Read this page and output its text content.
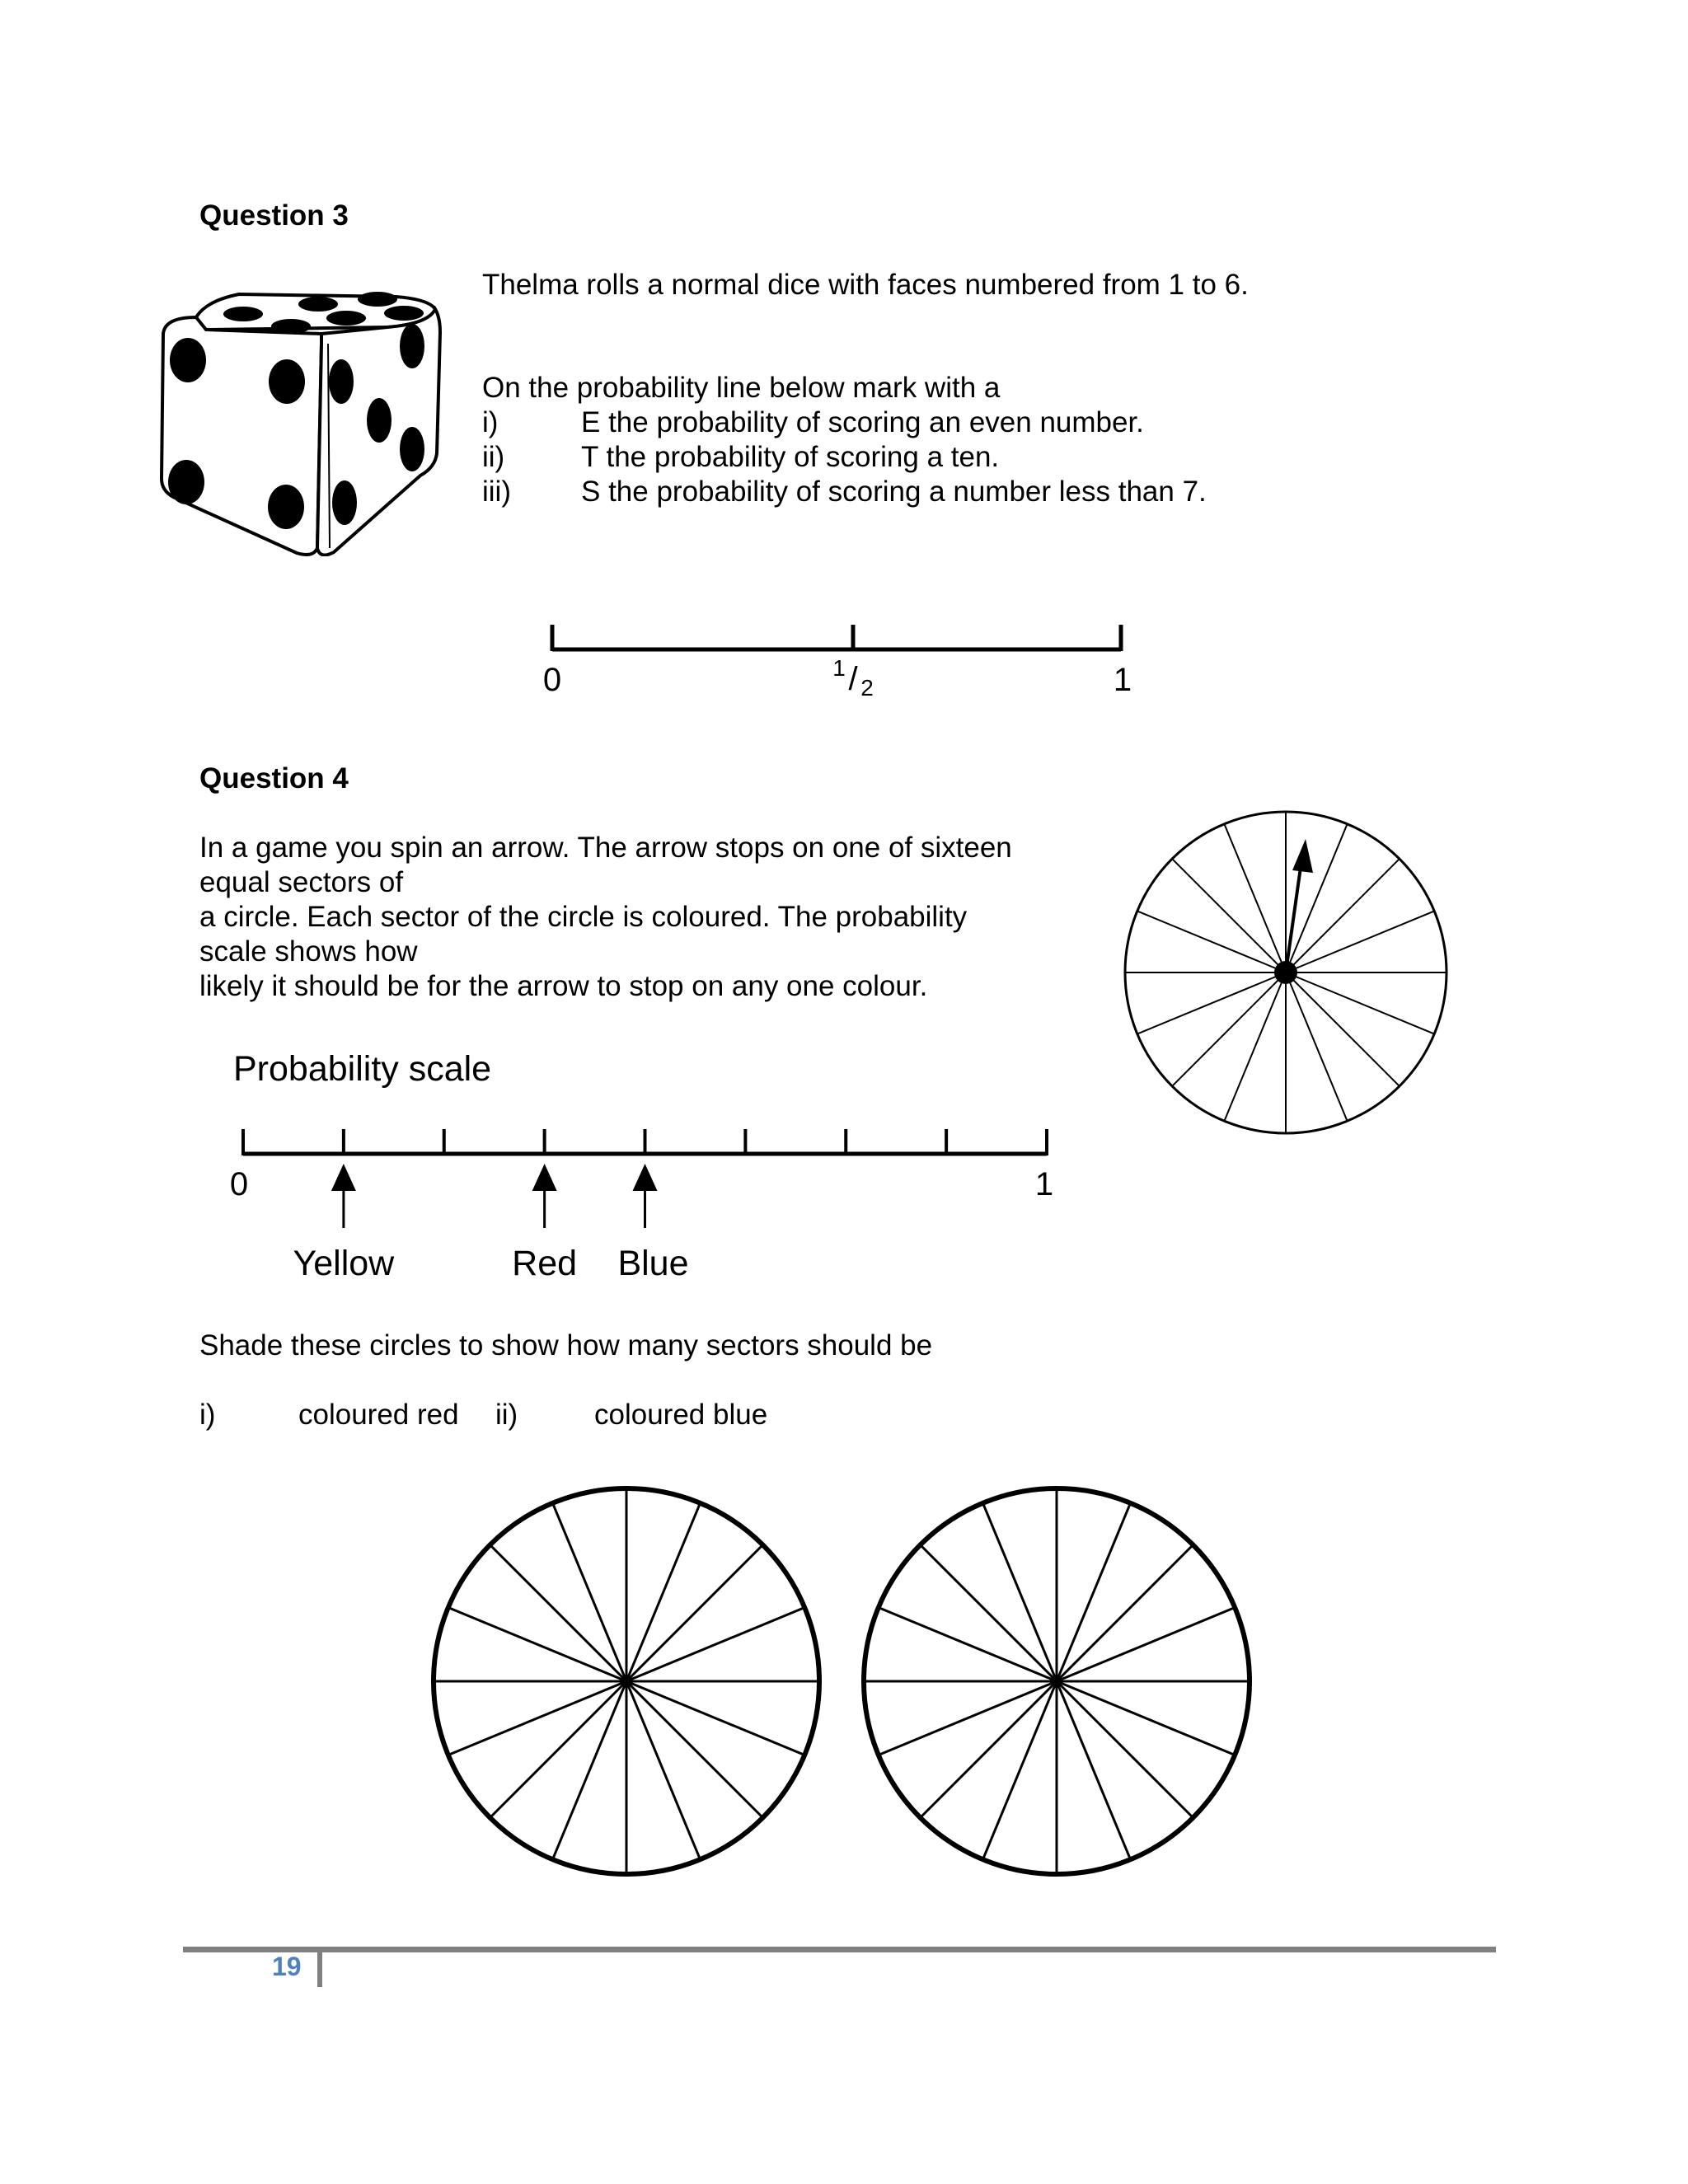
Question 3
Thelma rolls a normal dice with faces numbered from 1 to 6.
On the probability line below mark with a
i)	E the probability of scoring an even number.
ii)	T the probability of scoring a ten.
iii) S the probability of scoring a number less than 7.
0	1 / 2	1
Question 4
In a game you spin an arrow. The arrow stops on one of sixteen
equal sectors of
a circle. Each sector of the circle is coloured. The probability
scale shows how
likely it should be for the arrow to stop on any one colour.
Probability scale
0	1
Yellow	Red Blue
Shade these circles to show how many sectors should be
i)	coloured red ii)	coloured blue
19
